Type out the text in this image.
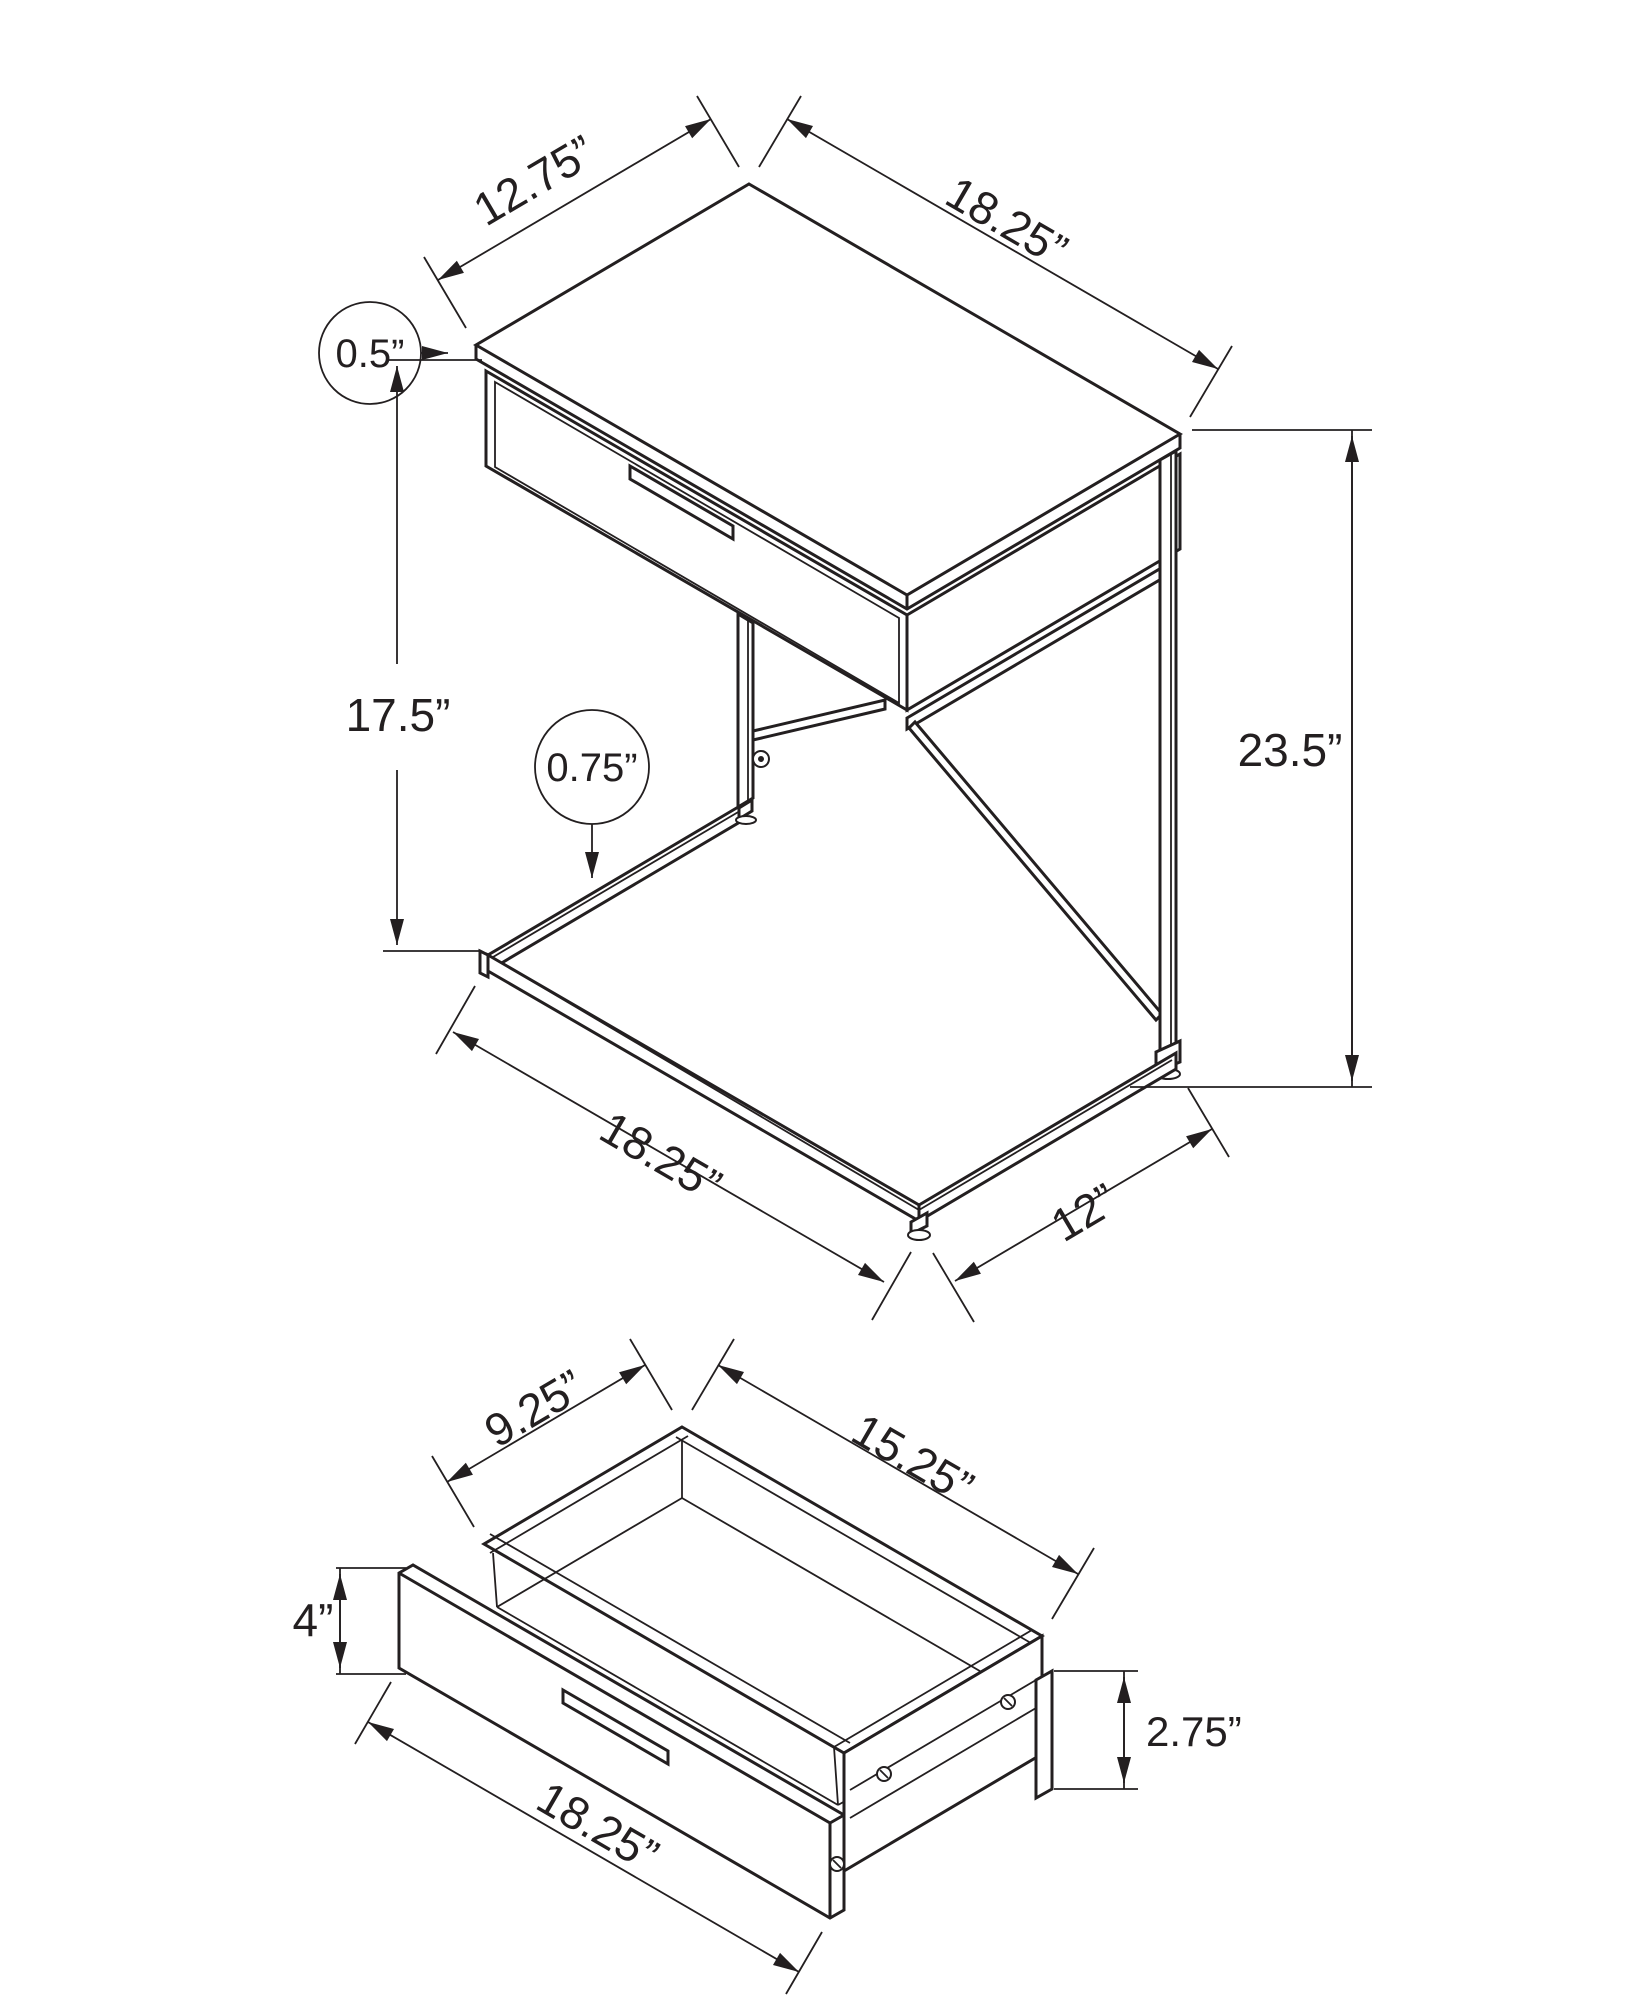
12.75”	18.25”
0.5”
17.5”
0.75”	23.5”
18.25”
12”
9.25”	15.25”
4”
2.75”
18.25”
